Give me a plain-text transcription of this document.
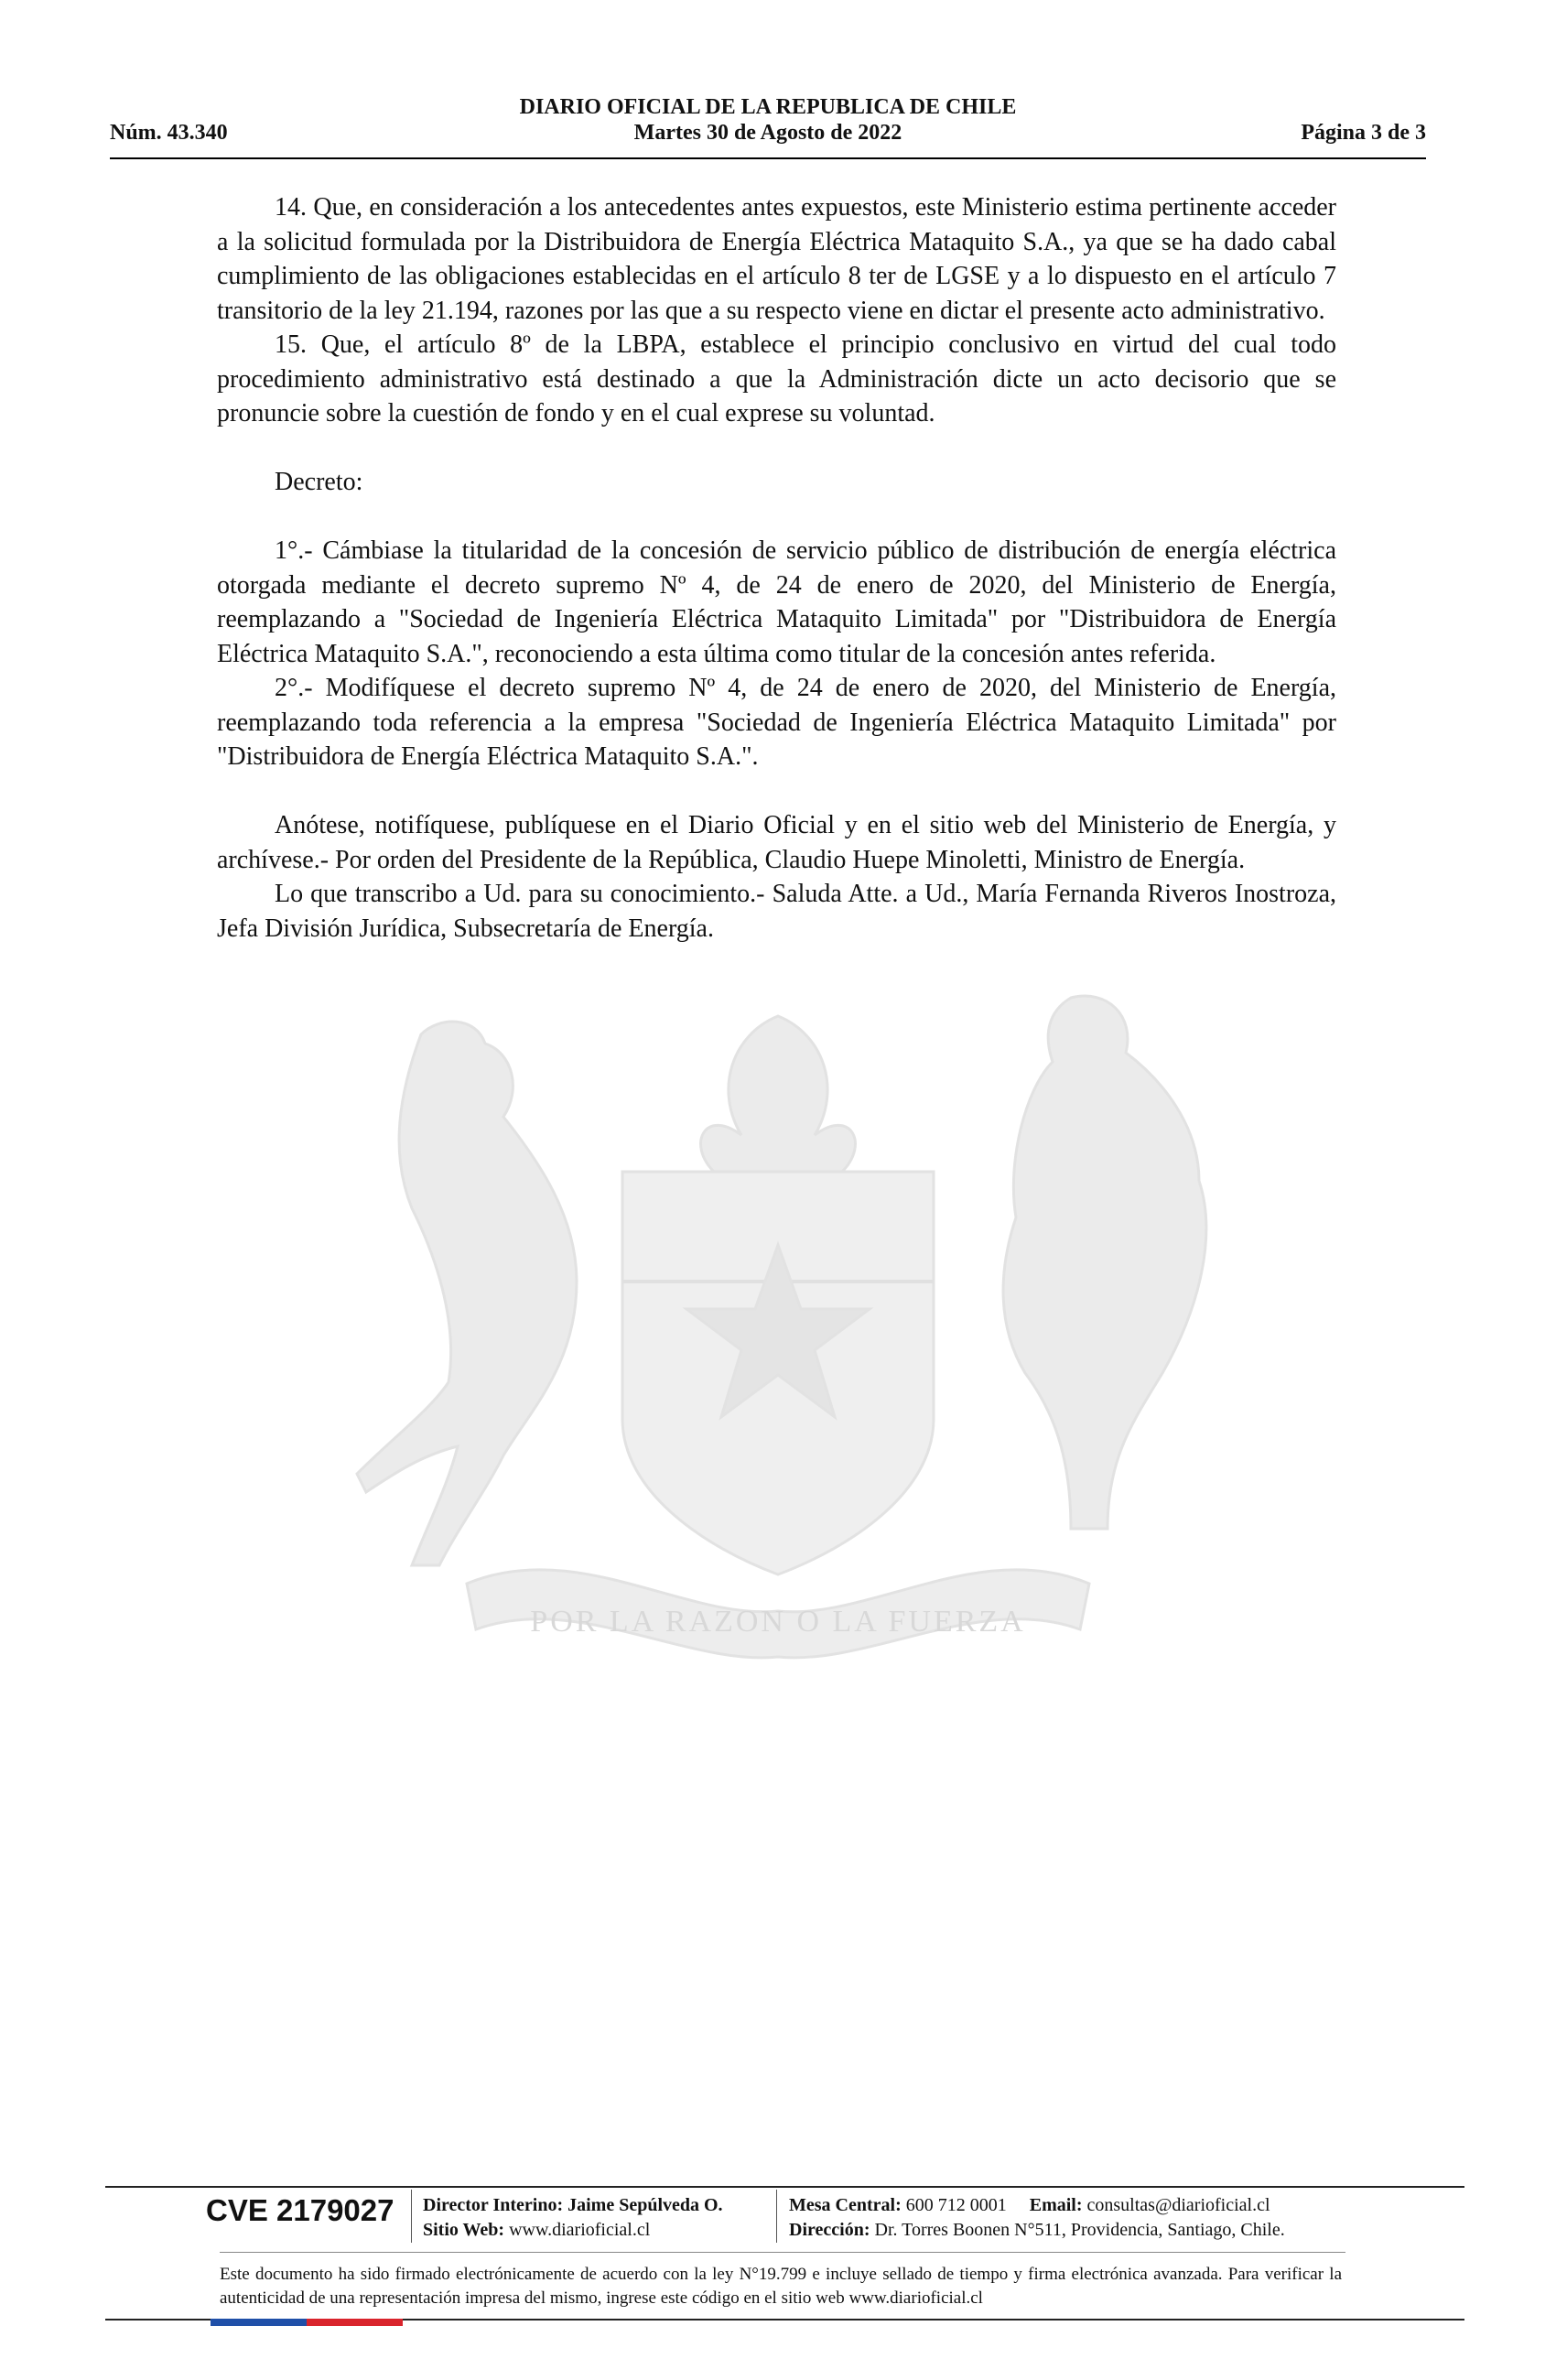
DIARIO OFICIAL DE LA REPUBLICA DE CHILE
Martes 30 de Agosto de 2022
Núm. 43.340	Página 3 de 3
POR LA RAZON O LA FUERZA

14. Que, en consideración a los antecedentes antes expuestos, este Ministerio estima pertinente acceder a la solicitud formulada por la Distribuidora de Energía Eléctrica Mataquito S.A., ya que se ha dado cabal cumplimiento de las obligaciones establecidas en el artículo 8 ter de LGSE y a lo dispuesto en el artículo 7 transitorio de la ley 21.194, razones por las que a su respecto viene en dictar el presente acto administrativo.

15. Que, el artículo 8º de la LBPA, establece el principio conclusivo en virtud del cual todo procedimiento administrativo está destinado a que la Administración dicte un acto decisorio que se pronuncie sobre la cuestión de fondo y en el cual exprese su voluntad.

Decreto:

1°.- Cámbiase la titularidad de la concesión de servicio público de distribución de energía eléctrica otorgada mediante el decreto supremo Nº 4, de 24 de enero de 2020, del Ministerio de Energía, reemplazando a "Sociedad de Ingeniería Eléctrica Mataquito Limitada" por "Distribuidora de Energía Eléctrica Mataquito S.A.", reconociendo a esta última como titular de la concesión antes referida.

2°.- Modifíquese el decreto supremo Nº 4, de 24 de enero de 2020, del Ministerio de Energía, reemplazando toda referencia a la empresa "Sociedad de Ingeniería Eléctrica Mataquito Limitada" por "Distribuidora de Energía Eléctrica Mataquito S.A.".

Anótese, notifíquese, publíquese en el Diario Oficial y en el sitio web del Ministerio de Energía, y archívese.- Por orden del Presidente de la República, Claudio Huepe Minoletti, Ministro de Energía.

Lo que transcribo a Ud. para su conocimiento.- Saluda Atte. a Ud., María Fernanda Riveros Inostroza, Jefa División Jurídica, Subsecretaría de Energía.

CVE 2179027 Director Interino: Jaime Sepúlveda O.
Sitio Web: www.diarioficial.cl
Mesa Central: 600 712 0001 Email: consultas@diarioficial.cl
Dirección: Dr. Torres Boonen N°511, Providencia, Santiago, Chile.
Este documento ha sido firmado electrónicamente de acuerdo con la ley N°19.799 e incluye sellado de tiempo y firma electrónica avanzada. Para verificar la autenticidad de una representación impresa del mismo, ingrese este código en el sitio web www.diarioficial.cl
